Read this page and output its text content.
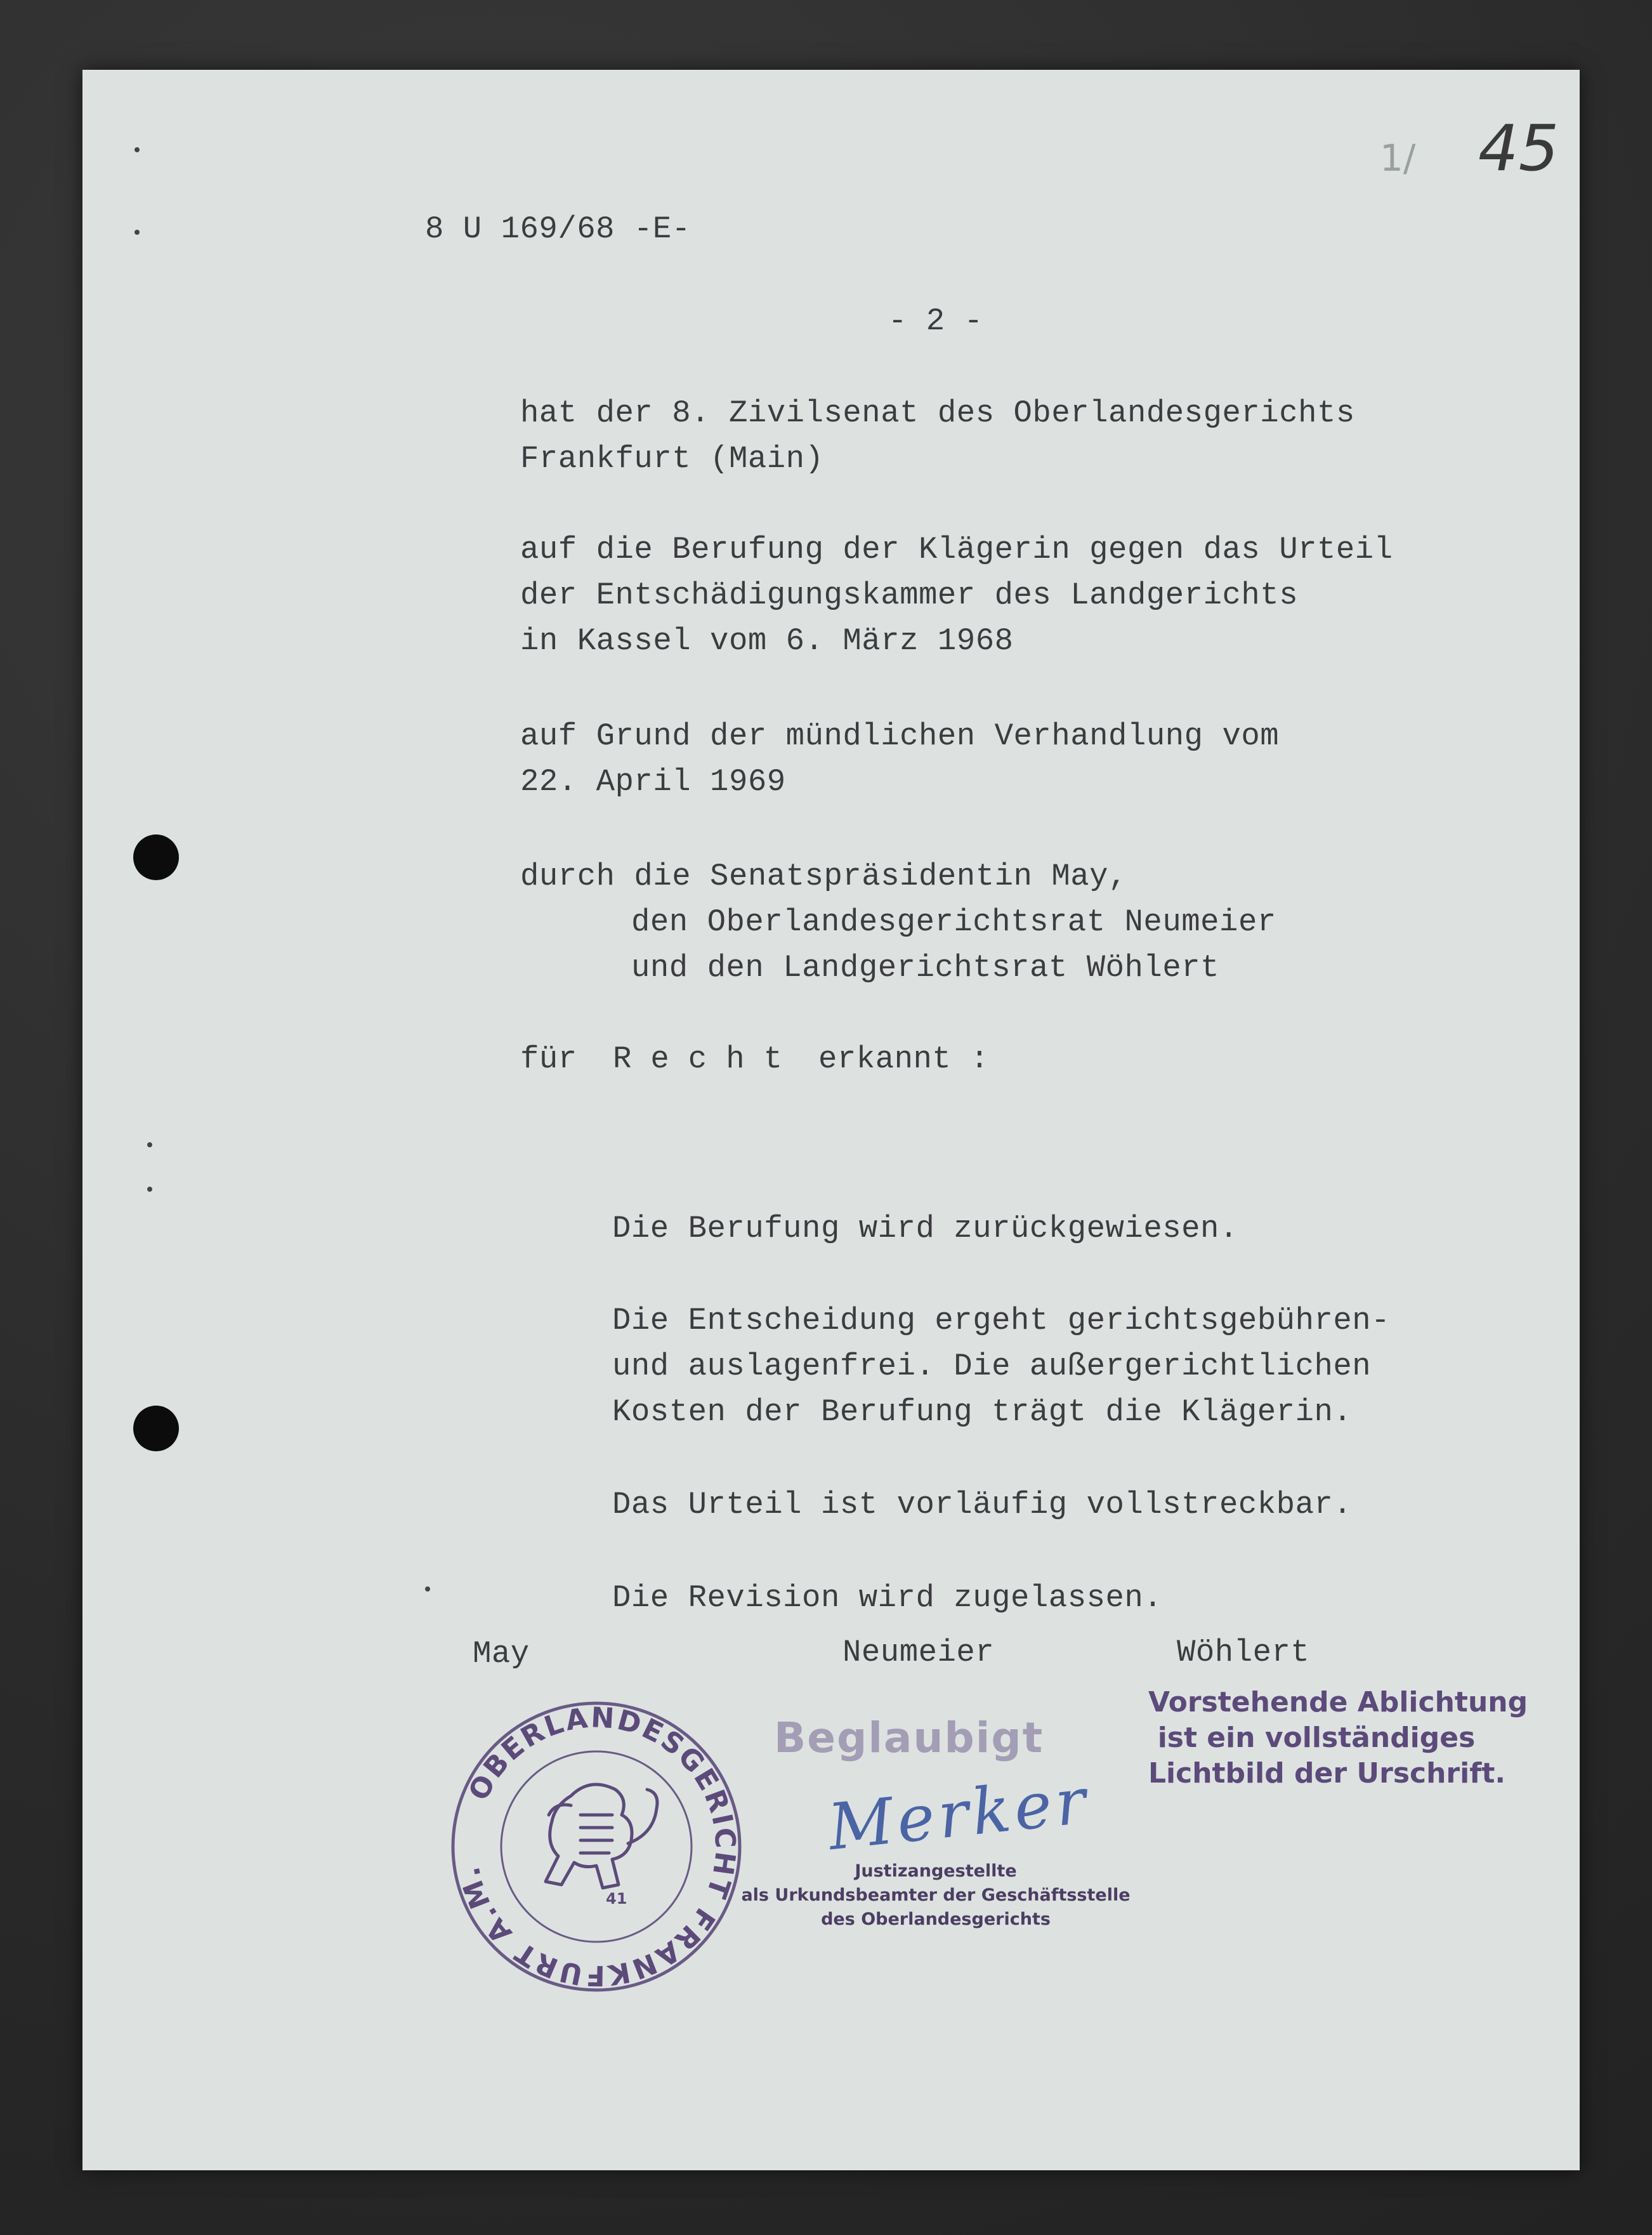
1/ 45
8 U 169/68 -E-
- 2 -
hat der 8. Zivilsenat des Oberlandesgerichts
Frankfurt (Main)
auf die Berufung der Klägerin gegen das Urteil
der Entschädigungskammer des Landgerichts
in Kassel vom 6. März 1968
auf Grund der mündlichen Verhandlung vom
22. April 1969
durch die Senatspräsidentin May,
den Oberlandesgerichtsrat Neumeier
und den Landgerichtsrat Wöhlert
für Recht erkannt :
Die Berufung wird zurückgewiesen.
Die Entscheidung ergeht gerichtsgebühren-
und auslagenfrei. Die außergerichtlichen
Kosten der Berufung trägt die Klägerin.
Das Urteil ist vorläufig vollstreckbar.
Die Revision wird zugelassen.
May	Neumeier	Wöhlert
Vorstehende Ablichtung
ist ein vollständiges
Lichtbild der Urschrift.
Beglaubigt
Merker
Justizangestellte
als Urkundsbeamter der Geschäftsstelle
des Oberlandesgerichts
OBERLANDESGERICHT FRANKFURT A.M.
41
